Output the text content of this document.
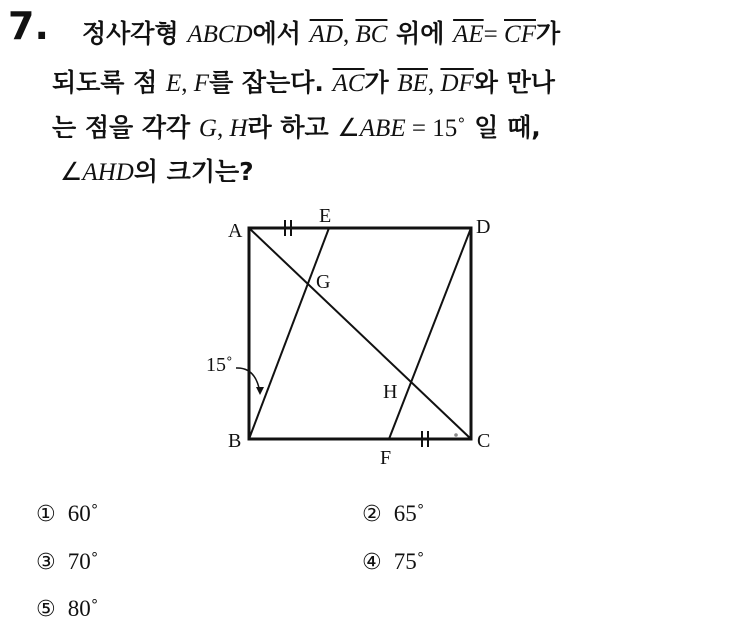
7. 정사각형 ABCD에서 $\overline{AD}$, $\overline{BC}$ 위에 $\overline{AE}= \overline{CF}$가
되도록 점 E, F를 잡는다. $\overline{AC}$가 $\overline{BE}$, $\overline{DF}$와 만나
는 점을 각각 G, H라 하고 ∠ABE = 15˚ 일 때,
∠AHD의 크기는?
A
E	D
G
15˚
H
B	C
F
① 60˚	② 65˚
③ 70˚	④ 75˚
⑤ 80˚
